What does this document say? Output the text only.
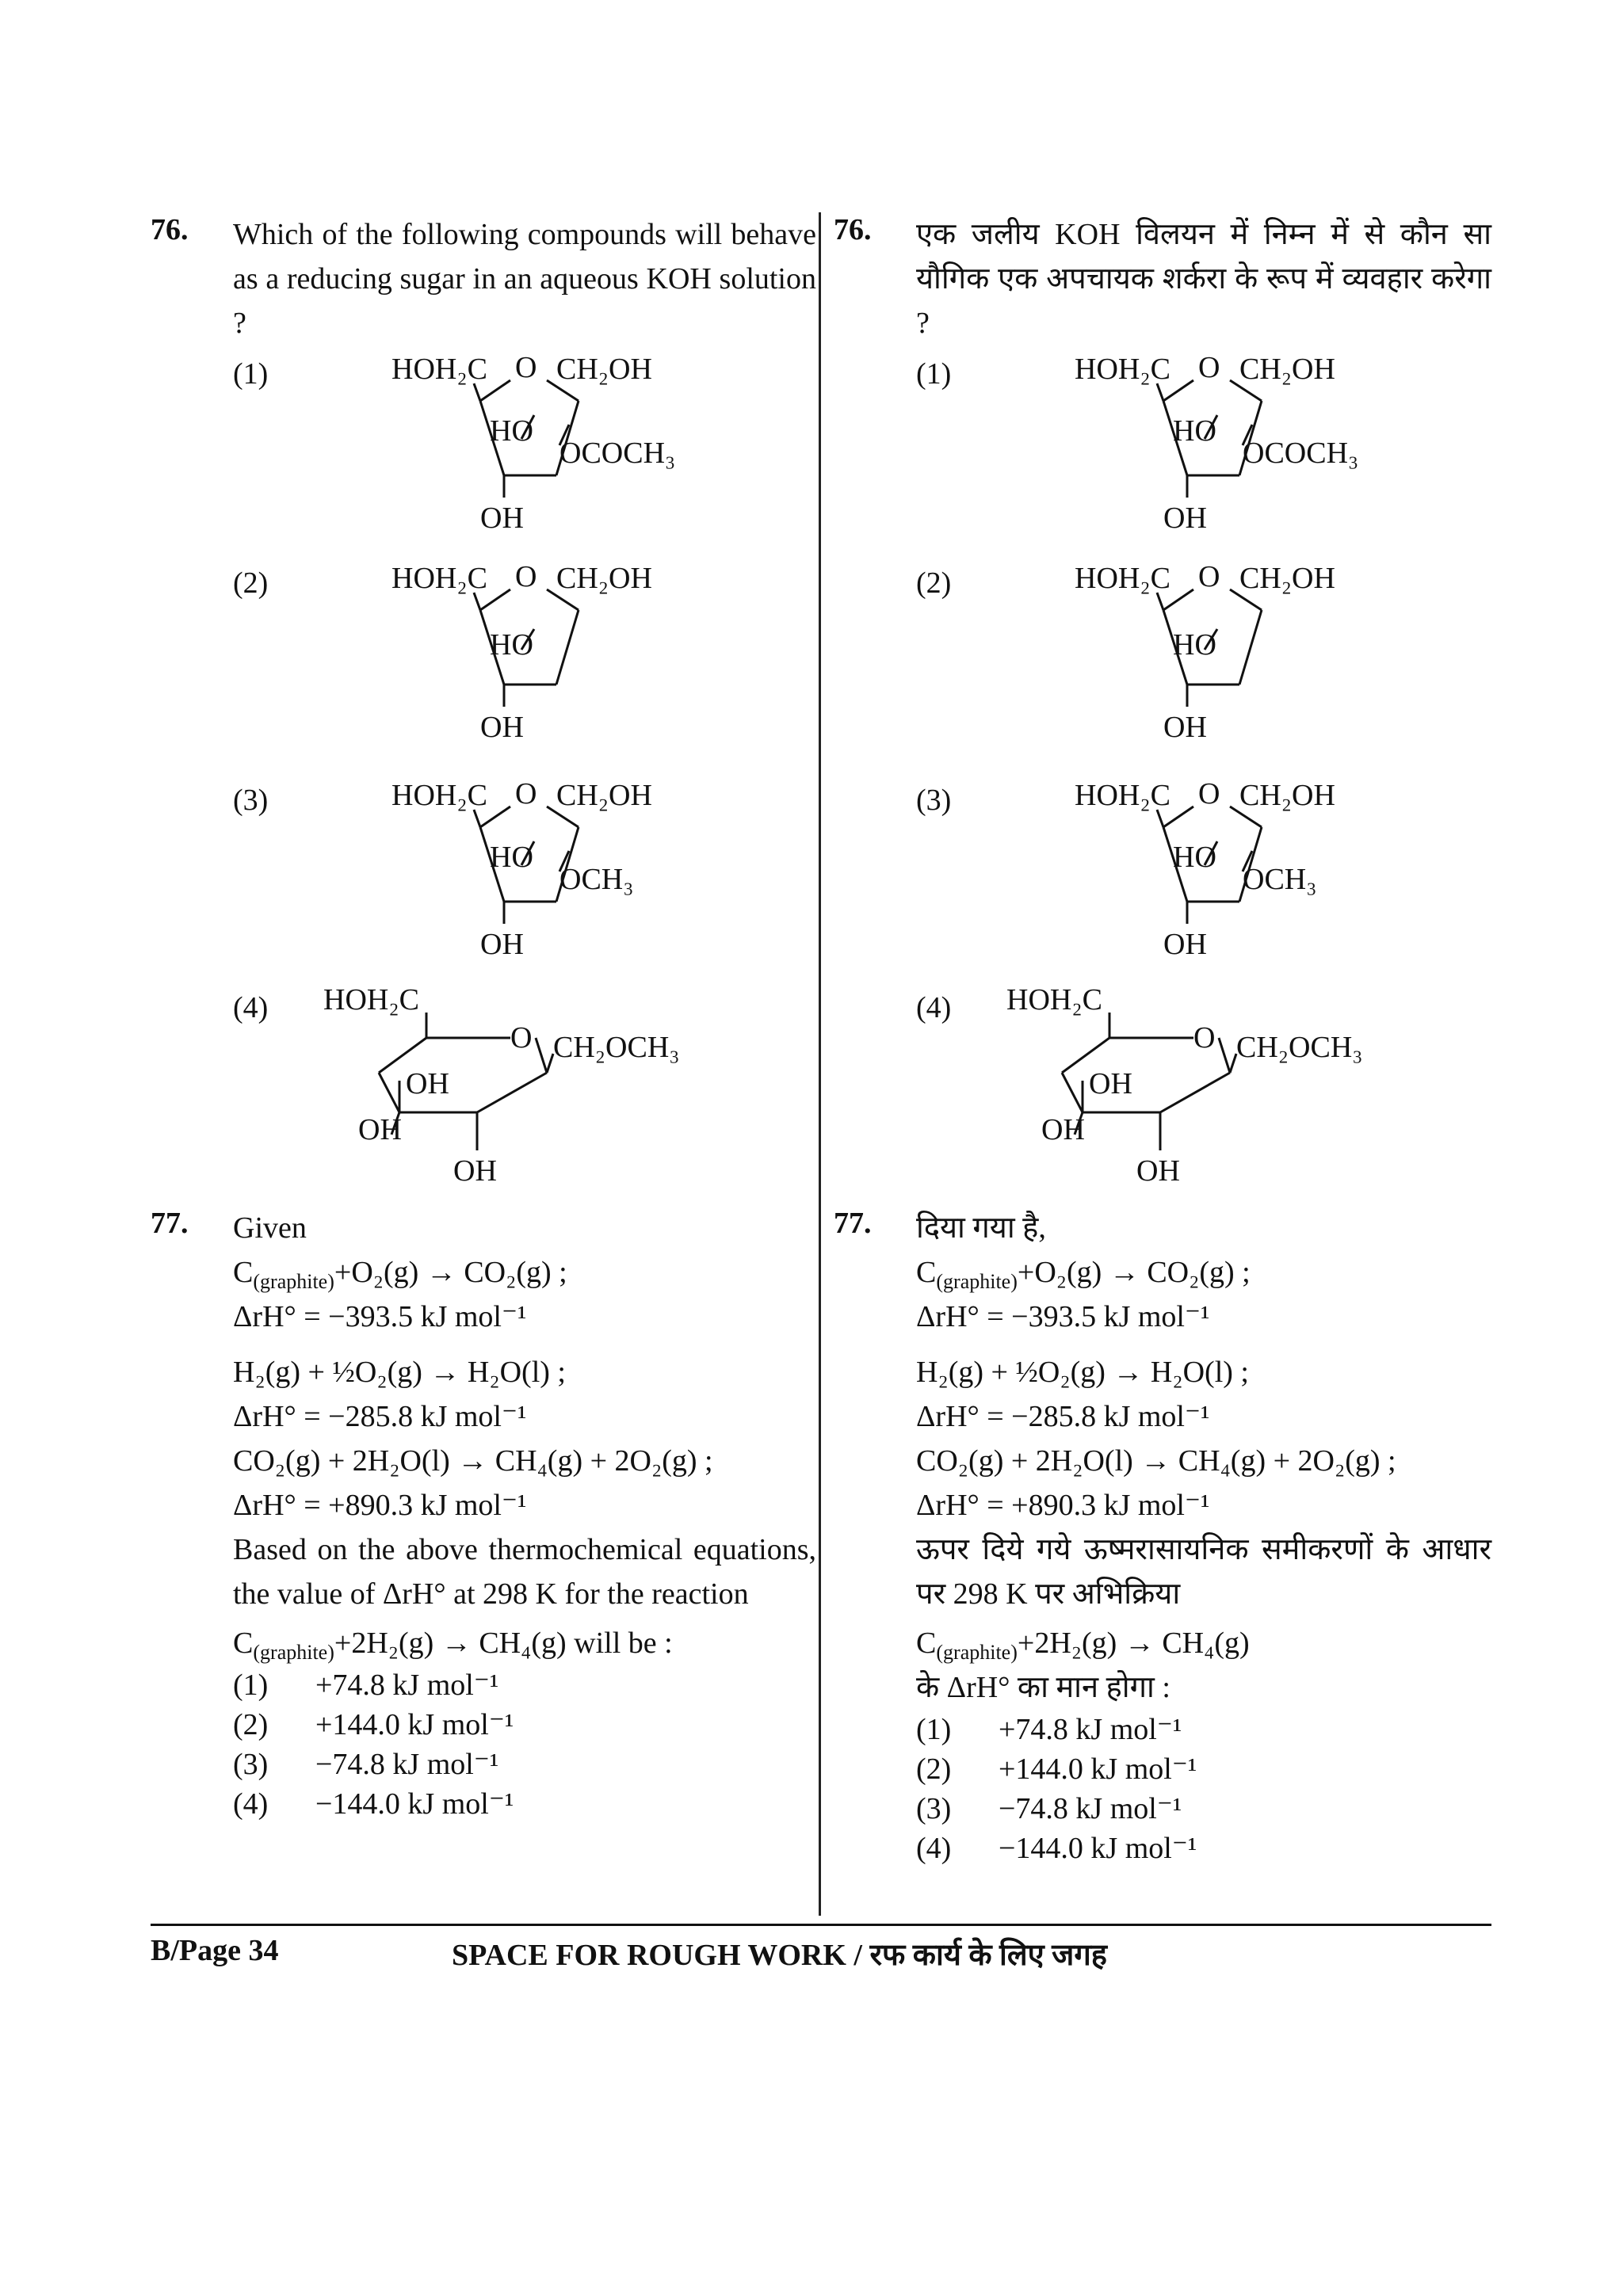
76. Which of the following compounds will behave as a reducing sugar in an aqueous KOH solution ?
(1)	HOH₂C O CH₂OH
HO
OCOCH₃
OH
(2)	HOH₂C O CH₂OH
HO
OH
(3)	HOH₂C O CH₂OH
HO
OCH₃
OH
(4)	HOH₂C
O CH₂OCH₃
OH
OH
OH
77. Given
$C_{(graphite)}+O_2(g) \to CO_2(g)$ ;
ΔrH° = −393.5 kJ mol⁻¹
H₂(g) + ½O₂(g) → H₂O(l) ;
ΔrH° = −285.8 kJ mol⁻¹
CO₂(g) + 2H₂O(l) → CH₄(g) + 2O₂(g) ;
ΔrH° = +890.3 kJ mol⁻¹
Based on the above thermochemical equations, the value of ΔrH° at 298 K for the reaction
$C_{(graphite)}+2H_2(g) \to CH_4(g)$ will be :
(1)	+74.8 kJ mol⁻¹
(2)	+144.0 kJ mol⁻¹
(3)	−74.8 kJ mol⁻¹
(4)	−144.0 kJ mol⁻¹
76. एक जलीय KOH विलयन में निम्न में से कौन सा यौगिक एक अपचायक शर्करा के रूप में व्यवहार करेगा ?
(1)	HOH₂C O CH₂OH
HO
OCOCH₃
OH
(2)	HOH₂C O CH₂OH
HO
OH
(3)	HOH₂C O CH₂OH
HO
OCH₃
OH
(4)	HOH₂C
O CH₂OCH₃
OH
OH
OH
77. दिया गया है,
$C_{(graphite)}+O_2(g) \to CO_2(g)$ ;
ΔrH° = −393.5 kJ mol⁻¹
H₂(g) + ½O₂(g) → H₂O(l) ;
ΔrH° = −285.8 kJ mol⁻¹
CO₂(g) + 2H₂O(l) → CH₄(g) + 2O₂(g) ;
ΔrH° = +890.3 kJ mol⁻¹
ऊपर दिये गये ऊष्मरासायनिक समीकरणों के आधार पर 298 K पर अभिक्रिया
$C_{(graphite)}+2H_2(g) \to CH_4(g)$
के ΔrH° का मान होगा :
(1)	+74.8 kJ mol⁻¹
(2)	+144.0 kJ mol⁻¹
(3)	−74.8 kJ mol⁻¹
(4)	−144.0 kJ mol⁻¹
B/Page 34	SPACE FOR ROUGH WORK / रफ कार्य के लिए जगह
